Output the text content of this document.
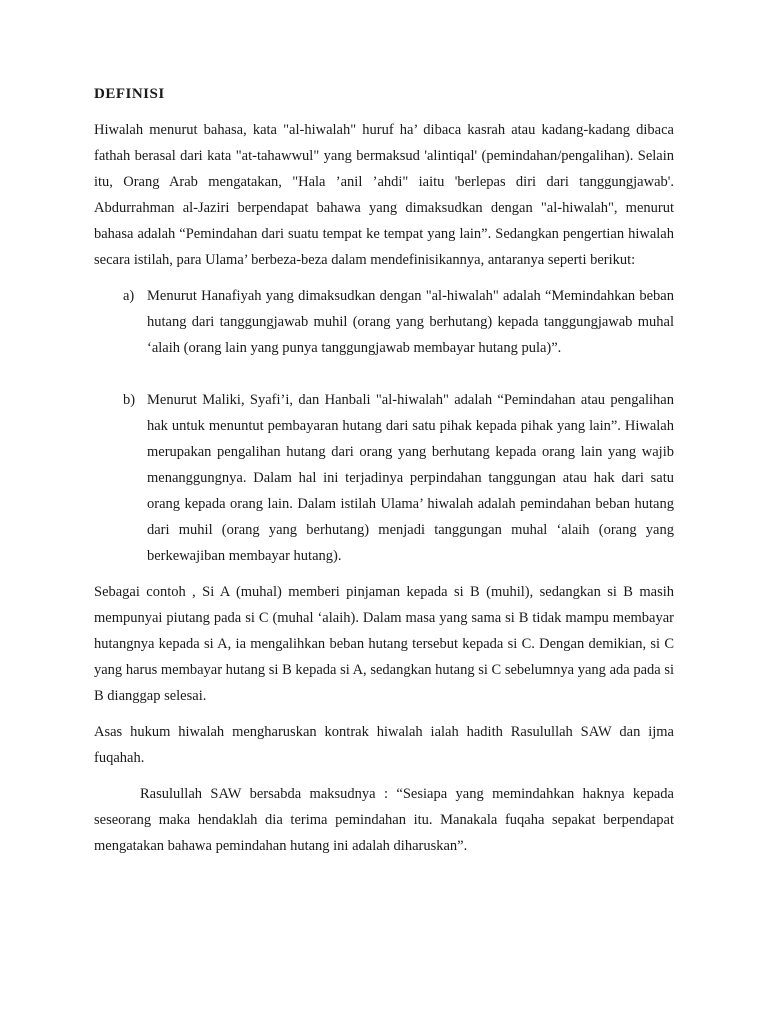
DEFINISI

Hiwalah menurut bahasa, kata "al-hiwalah" huruf ha’ dibaca kasrah atau kadang-kadang dibaca fathah berasal dari kata "at-tahawwul" yang bermaksud 'alintiqal' (pemindahan/pengalihan). Selain itu, Orang Arab mengatakan, "Hala ’anil ’ahdi" iaitu 'berlepas diri dari tanggungjawab'. Abdurrahman al-Jaziri berpendapat bahawa yang dimaksudkan dengan "al-hiwalah", menurut bahasa adalah “Pemindahan dari suatu tempat ke tempat yang lain”. Sedangkan pengertian hiwalah secara istilah, para Ulama’ berbeza-beza dalam mendefinisikannya, antaranya seperti berikut:

a) Menurut Hanafiyah yang dimaksudkan dengan "al-hiwalah" adalah “Memindahkan beban hutang dari tanggungjawab muhil (orang yang berhutang) kepada tanggungjawab muhal ‘alaih (orang lain yang punya tanggungjawab membayar hutang pula)”.
b) Menurut Maliki, Syafi’i, dan Hanbali "al-hiwalah" adalah “Pemindahan atau pengalihan hak untuk menuntut pembayaran hutang dari satu pihak kepada pihak yang lain”. Hiwalah merupakan pengalihan hutang dari orang yang berhutang kepada orang lain yang wajib menanggungnya. Dalam hal ini terjadinya perpindahan tanggungan atau hak dari satu orang kepada orang lain. Dalam istilah Ulama’ hiwalah adalah pemindahan beban hutang dari muhil (orang yang berhutang) menjadi tanggungan muhal ‘alaih (orang yang berkewajiban membayar hutang).

Sebagai contoh , Si A (muhal) memberi pinjaman kepada si B (muhil), sedangkan si B masih mempunyai piutang pada si C (muhal ‘alaih). Dalam masa yang sama si B tidak mampu membayar hutangnya kepada si A, ia mengalihkan beban hutang tersebut kepada si C. Dengan demikian, si C yang harus membayar hutang si B kepada si A, sedangkan hutang si C sebelumnya yang ada pada si B dianggap selesai.

Asas hukum hiwalah mengharuskan kontrak hiwalah ialah hadith Rasulullah SAW dan ijma fuqahah.

Rasulullah SAW bersabda maksudnya : “Sesiapa yang memindahkan haknya kepada seseorang maka hendaklah dia terima pemindahan itu. Manakala fuqaha sepakat berpendapat mengatakan bahawa pemindahan hutang ini adalah diharuskan”.
